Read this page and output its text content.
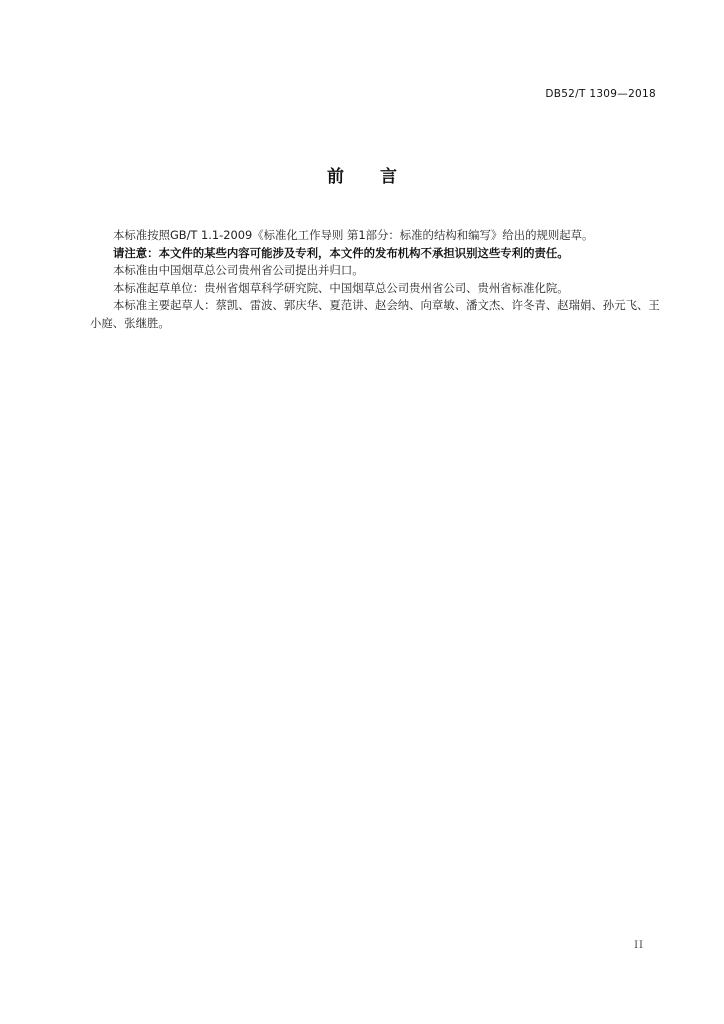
DB52/T 1309—2018
前言

本标准按照GB/T 1.1-2009《标准化工作导则 第1部分：标准的结构和编写》给出的规则起草。

请注意：本文件的某些内容可能涉及专利，本文件的发布机构不承担识别这些专利的责任。

本标准由中国烟草总公司贵州省公司提出并归口。

本标准起草单位：贵州省烟草科学研究院、中国烟草总公司贵州省公司、贵州省标准化院。

本标准主要起草人：蔡凯、雷波、郭庆华、夏范讲、赵会纳、向章敏、潘文杰、许冬青、赵瑞娟、孙元飞、王小庭、张继胜。

II
